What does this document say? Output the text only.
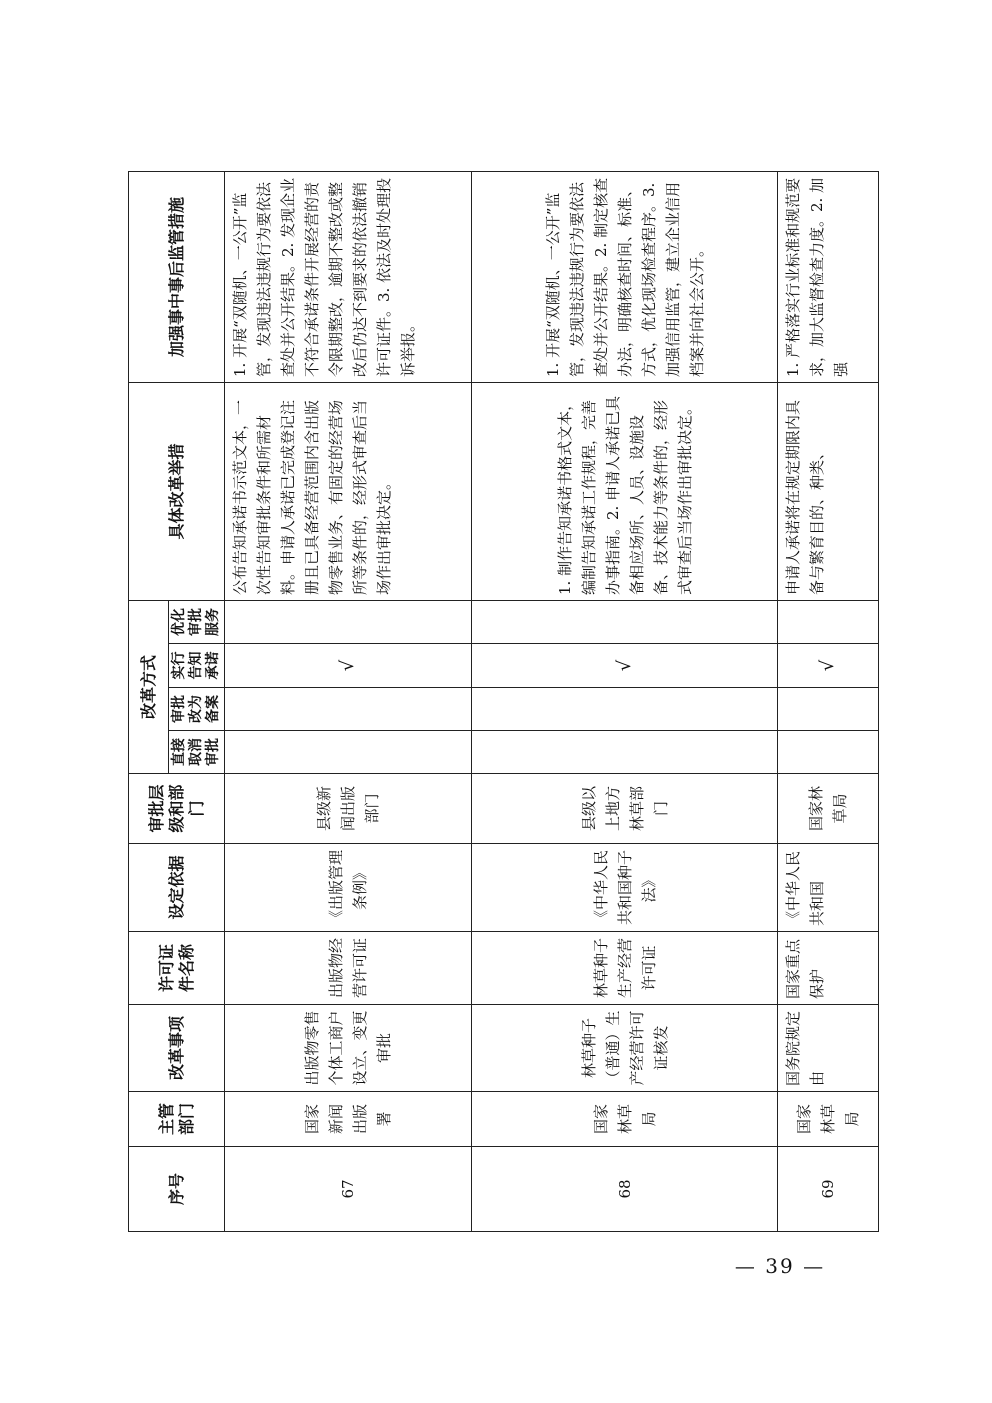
序号	主管部门	改革事项	许可证件名称	设定依据	审批层级和部门	改革方式				具体改革举措	加强事中事后监管措施
						直接取消审批	审批改为备案	实行告知承诺	优化审批服务		
67	国家新闻出版署	出版物零售个体工商户设立、变更审批	出版物经营许可证	《出版管理条例》	县级新闻出版部门			√		公布告知承诺书示范文本，一次性告知审批条件和所需材料。申请人承诺已完成登记注册且已具备经营范围内含出版物零售业务、有固定的经营场所等条件的，经形式审查后当场作出审批决定。	1. 开展“双随机、一公开”监管，发现违法违规行为要依法查处并公开结果。2. 发现企业不符合承诺条件开展经营的责令限期整改，逾期不整改或整改后仍达不到要求的依法撤销许可证件。3. 依法及时处理投诉举报。
68	国家林草局	林草种子（普通）生产经营许可证核发	林草种子生产经营许可证	《中华人民共和国种子法》	县级以上地方林草部门			√		1. 制作告知承诺书格式文本，编制告知承诺工作规程，完善办事指南。2. 申请人承诺已具备相应场所、人员、设施设备、技术能力等条件的，经形式审查后当场作出审批决定。	1. 开展“双随机、一公开”监管，发现违法违规行为要依法查处并公开结果。2. 制定核查办法，明确核查时间、标准、方式，优化现场检查程序。3. 加强信用监管，建立企业信用档案并向社会公开。
69	国家林草局	国务院规定由	国家重点保护	《中华人民共和国	国家林草局			√		申请人承诺将在规定期限内具备与繁育目的、种类、	1. 严格落实行业标准和规范要求，加大监督检查力度。2. 加强
— 39 —
